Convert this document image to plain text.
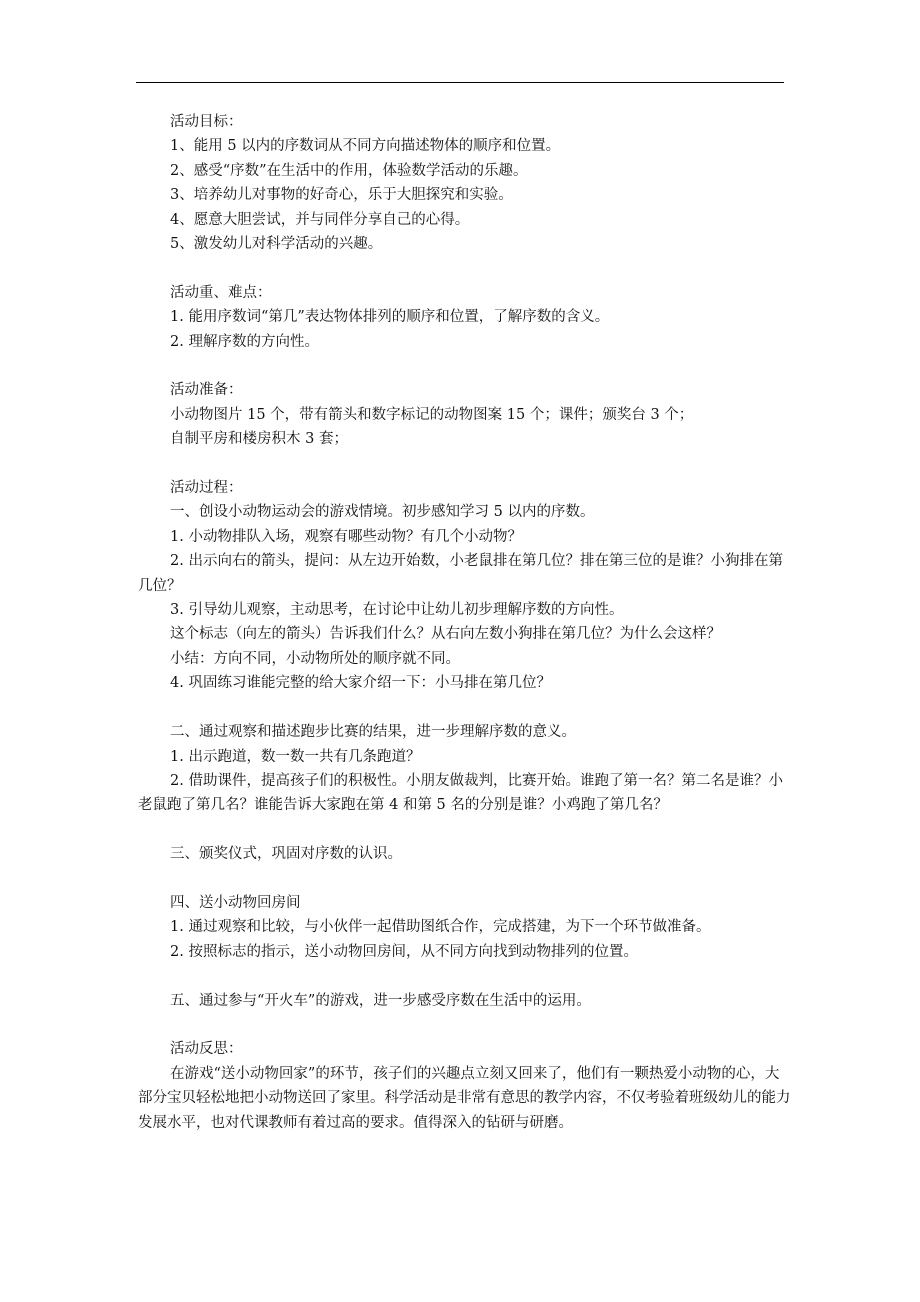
活动目标：
1、能用 5 以内的序数词从不同方向描述物体的顺序和位置。
2、感受“序数”在生活中的作用，体验数学活动的乐趣。
3、培养幼儿对事物的好奇心，乐于大胆探究和实验。
4、愿意大胆尝试，并与同伴分享自己的心得。
5、激发幼儿对科学活动的兴趣。
活动重、难点：
1. 能用序数词“第几”表达物体排列的顺序和位置，了解序数的含义。
2. 理解序数的方向性。
活动准备：
小动物图片 15 个，带有箭头和数字标记的动物图案 15 个；课件；颁奖台 3 个；
自制平房和楼房积木 3 套；
活动过程：
一、创设小动物运动会的游戏情境。初步感知学习 5 以内的序数。
1. 小动物排队入场，观察有哪些动物？有几个小动物？
2. 出示向右的箭头，提问：从左边开始数，小老鼠排在第几位？排在第三位的是谁？小狗排在第几位？
3. 引导幼儿观察，主动思考，在讨论中让幼儿初步理解序数的方向性。
这个标志（向左的箭头）告诉我们什么？从右向左数小狗排在第几位？为什么会这样？
小结：方向不同，小动物所处的顺序就不同。
4. 巩固练习谁能完整的给大家介绍一下：小马排在第几位？
二、通过观察和描述跑步比赛的结果，进一步理解序数的意义。
1. 出示跑道，数一数一共有几条跑道？
2. 借助课件，提高孩子们的积极性。小朋友做裁判，比赛开始。谁跑了第一名？第二名是谁？小老鼠跑了第几名？谁能告诉大家跑在第 4 和第 5 名的分别是谁？小鸡跑了第几名？
三、颁奖仪式，巩固对序数的认识。
四、送小动物回房间
1. 通过观察和比较，与小伙伴一起借助图纸合作，完成搭建，为下一个环节做准备。
2. 按照标志的指示，送小动物回房间，从不同方向找到动物排列的位置。
五、通过参与“开火车”的游戏，进一步感受序数在生活中的运用。
活动反思：
在游戏“送小动物回家”的环节，孩子们的兴趣点立刻又回来了，他们有一颗热爱小动物的心，大部分宝贝轻松地把小动物送回了家里。科学活动是非常有意思的教学内容，不仅考验着班级幼儿的能力发展水平，也对代课教师有着过高的要求。值得深入的钻研与研磨。
